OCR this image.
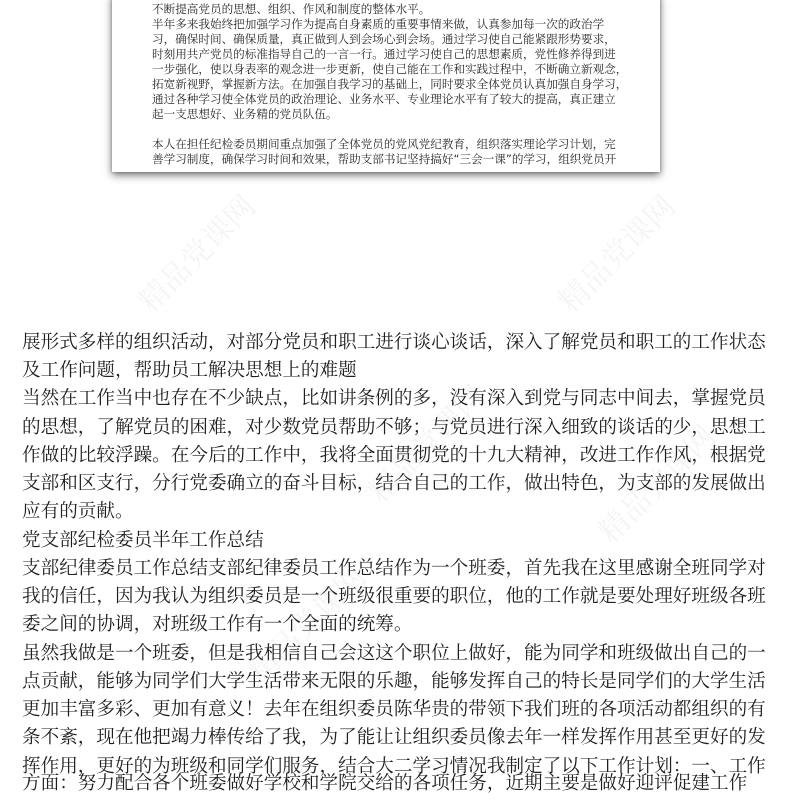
不断提高党员的思想、组织、作风和制度的整体水平。
半年多来我始终把加强学习作为提高自身素质的重要事情来做，认真参加每一次的政治学
习，确保时间、确保质量，真正做到人到会场心到会场。通过学习使自己能紧跟形势要求，
时刻用共产党员的标准指导自己的一言一行。通过学习使自己的思想素质，党性修养得到进
一步强化，使以身表率的观念进一步更新，使自己能在工作和实践过程中，不断确立新观念，
拓宽新视野，掌握新方法。在加强自我学习的基础上，同时要求全体党员认真加强自身学习，
通过各种学习使全体党员的政治理论、业务水平、专业理论水平有了较大的提高，真正建立
起一支思想好、业务精的党员队伍。
本人在担任纪检委员期间重点加强了全体党员的党风党纪教育，组织落实理论学习计划，完
善学习制度，确保学习时间和效果，帮助支部书记坚持搞好“三会一课”的学习，组织党员开
展形式多样的组织活动，对部分党员和职工进行谈心谈话，深入了解党员和职工的工作状态
及工作问题，帮助员工解决思想上的难题
当然在工作当中也存在不少缺点，比如讲条例的多，没有深入到党与同志中间去，掌握党员
的思想，了解党员的困难，对少数党员帮助不够；与党员进行深入细致的谈话的少，思想工
作做的比较浮躁。在今后的工作中，我将全面贯彻党的十九大精神，改进工作作风，根据党
支部和区支行，分行党委确立的奋斗目标，结合自己的工作，做出特色，为支部的发展做出
应有的贡献。
党支部纪检委员半年工作总结
支部纪律委员工作总结支部纪律委员工作总结作为一个班委，首先我在这里感谢全班同学对
我的信任，因为我认为组织委员是一个班级很重要的职位，他的工作就是要处理好班级各班
委之间的协调，对班级工作有一个全面的统筹。
虽然我做是一个班委，但是我相信自己会这这个职位上做好，能为同学和班级做出自己的一
点贡献，能够为同学们大学生活带来无限的乐趣，能够发挥自己的特长是同学们的大学生活
更加丰富多彩、更加有意义！去年在组织委员陈华贵的带领下我们班的各项活动都组织的有
条不紊，现在他把竭力棒传给了我，为了能让让组织委员像去年一样发挥作用甚至更好的发
挥作用，更好的为班级和同学们服务，结合大二学习情况我制定了以下工作计划：一、工作
方面：努力配合各个班委做好学校和学院交给的各项任务，近期主要是做好迎评促建工作
